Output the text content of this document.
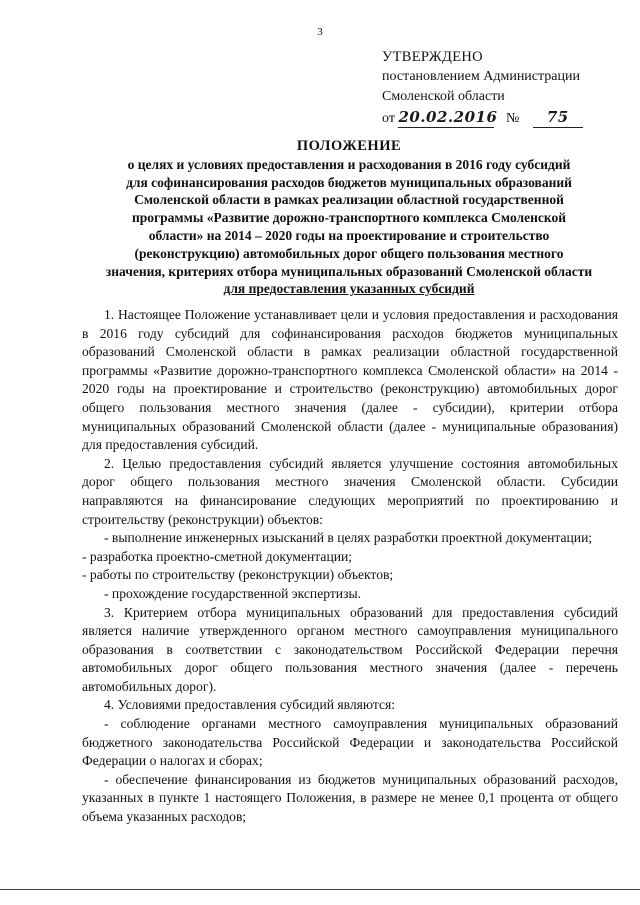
3
УТВЕРЖДЕНО
постановлением Администрации
Смоленской области
от 20.02.2016 № 75
ПОЛОЖЕНИЕ
о целях и условиях предоставления и расходования в 2016 году субсидий
для софинансирования расходов бюджетов муниципальных образований
Смоленской области в рамках реализации областной государственной
программы «Развитие дорожно-транспортного комплекса Смоленской
области» на 2014 – 2020 годы на проектирование и строительство
(реконструкцию) автомобильных дорог общего пользования местного
значения, критериях отбора муниципальных образований Смоленской области
для предоставления указанных субсидий

1. Настоящее Положение устанавливает цели и условия предоставления и расходования в 2016 году субсидий для софинансирования расходов бюджетов муниципальных образований Смоленской области в рамках реализации областной государственной программы «Развитие дорожно-транспортного комплекса Смоленской области» на 2014 - 2020 годы на проектирование и строительство (реконструкцию) автомобильных дорог общего пользования местного значения (далее - субсидии), критерии отбора муниципальных образований Смоленской области (далее - муниципальные образования) для предоставления субсидий.

2. Целью предоставления субсидий является улучшение состояния автомобильных дорог общего пользования местного значения Смоленской области. Субсидии направляются на финансирование следующих мероприятий по проектированию и строительству (реконструкции) объектов:

- выполнение инженерных изысканий в целях разработки проектной документации;

- разработка проектно-сметной документации;

- работы по строительству (реконструкции) объектов;

- прохождение государственной экспертизы.

3. Критерием отбора муниципальных образований для предоставления субсидий является наличие утвержденного органом местного самоуправления муниципального образования в соответствии с законодательством Российской Федерации перечня автомобильных дорог общего пользования местного значения (далее - перечень автомобильных дорог).

4. Условиями предоставления субсидий являются:

- соблюдение органами местного самоуправления муниципальных образований бюджетного законодательства Российской Федерации и законодательства Российской Федерации о налогах и сборах;

- обеспечение финансирования из бюджетов муниципальных образований расходов, указанных в пункте 1 настоящего Положения, в размере не менее 0,1 процента от общего объема указанных расходов;
